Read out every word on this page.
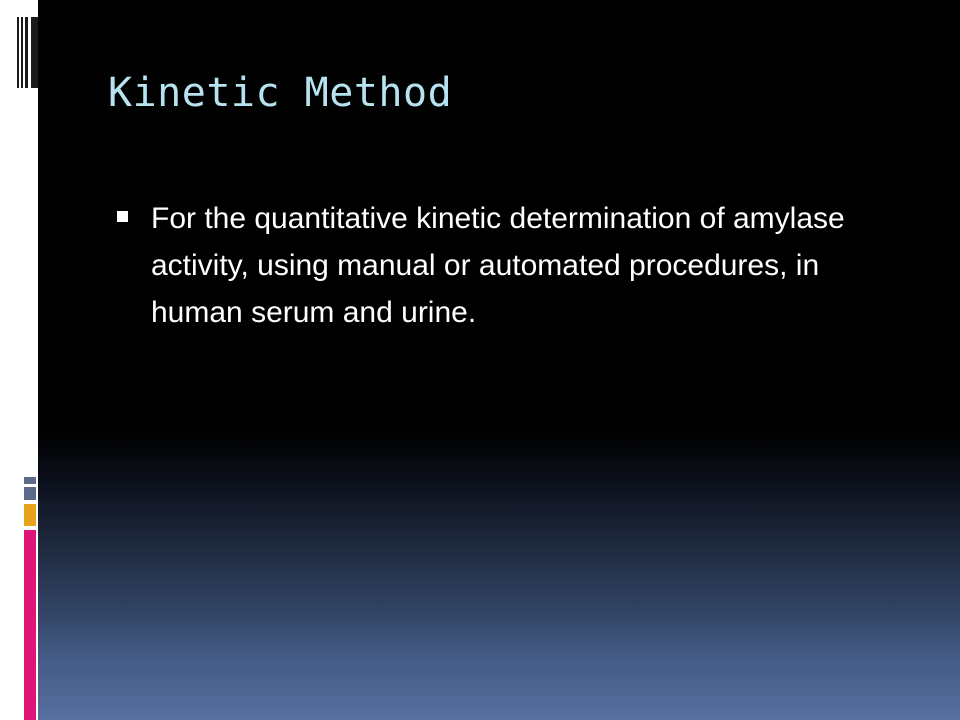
Kinetic Method
For the quantitative kinetic determination of amylase activity, using manual or automated procedures, in human serum and urine.
